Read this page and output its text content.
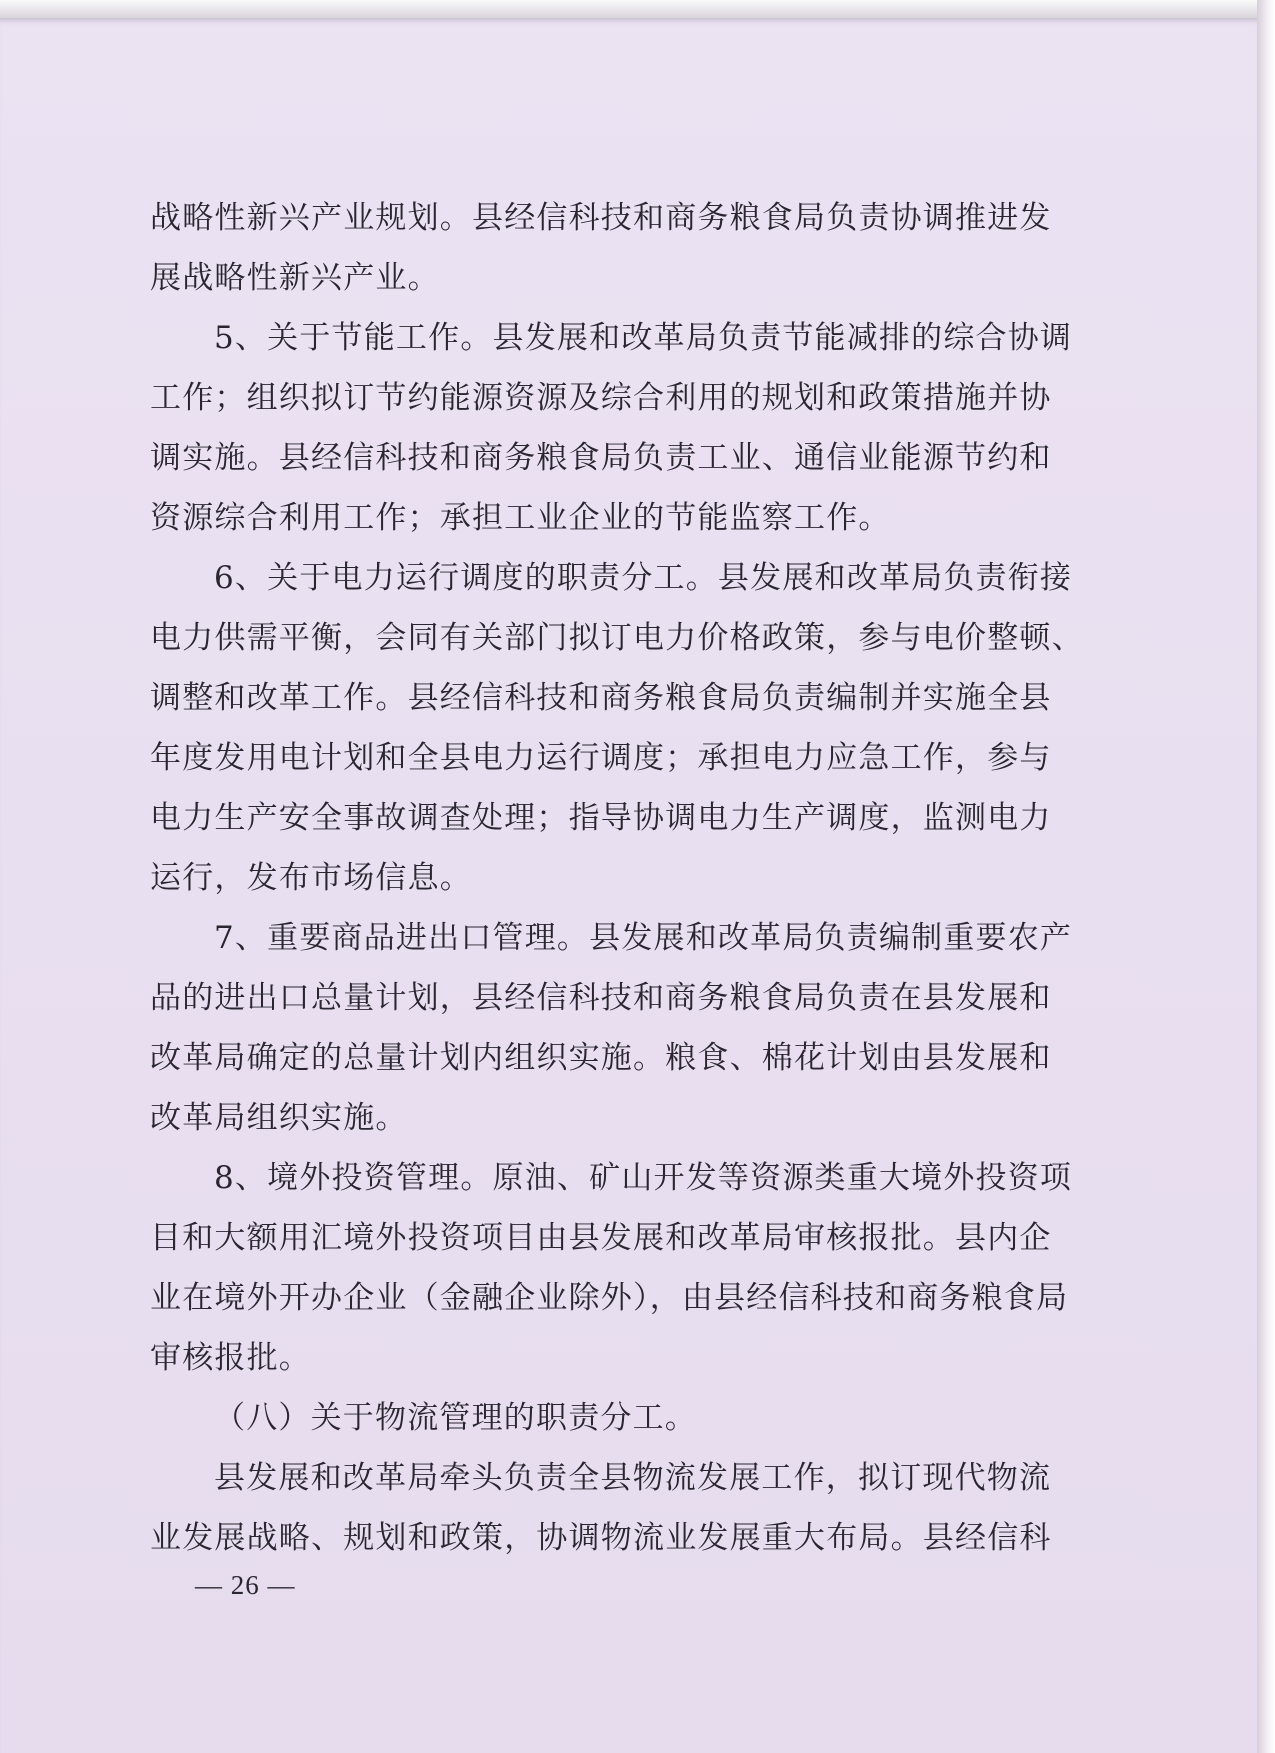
战略性新兴产业规划。县经信科技和商务粮食局负责协调推进发
展战略性新兴产业。
5、关于节能工作。县发展和改革局负责节能减排的综合协调
工作；组织拟订节约能源资源及综合利用的规划和政策措施并协
调实施。县经信科技和商务粮食局负责工业、通信业能源节约和
资源综合利用工作；承担工业企业的节能监察工作。
6、关于电力运行调度的职责分工。县发展和改革局负责衔接
电力供需平衡，会同有关部门拟订电力价格政策，参与电价整顿、
调整和改革工作。县经信科技和商务粮食局负责编制并实施全县
年度发用电计划和全县电力运行调度；承担电力应急工作，参与
电力生产安全事故调查处理；指导协调电力生产调度，监测电力
运行，发布市场信息。
7、重要商品进出口管理。县发展和改革局负责编制重要农产
品的进出口总量计划，县经信科技和商务粮食局负责在县发展和
改革局确定的总量计划内组织实施。粮食、棉花计划由县发展和
改革局组织实施。
8、境外投资管理。原油、矿山开发等资源类重大境外投资项
目和大额用汇境外投资项目由县发展和改革局审核报批。县内企
业在境外开办企业（金融企业除外），由县经信科技和商务粮食局
审核报批。
（八）关于物流管理的职责分工。
县发展和改革局牵头负责全县物流发展工作，拟订现代物流
业发展战略、规划和政策，协调物流业发展重大布局。县经信科
— 26 —
